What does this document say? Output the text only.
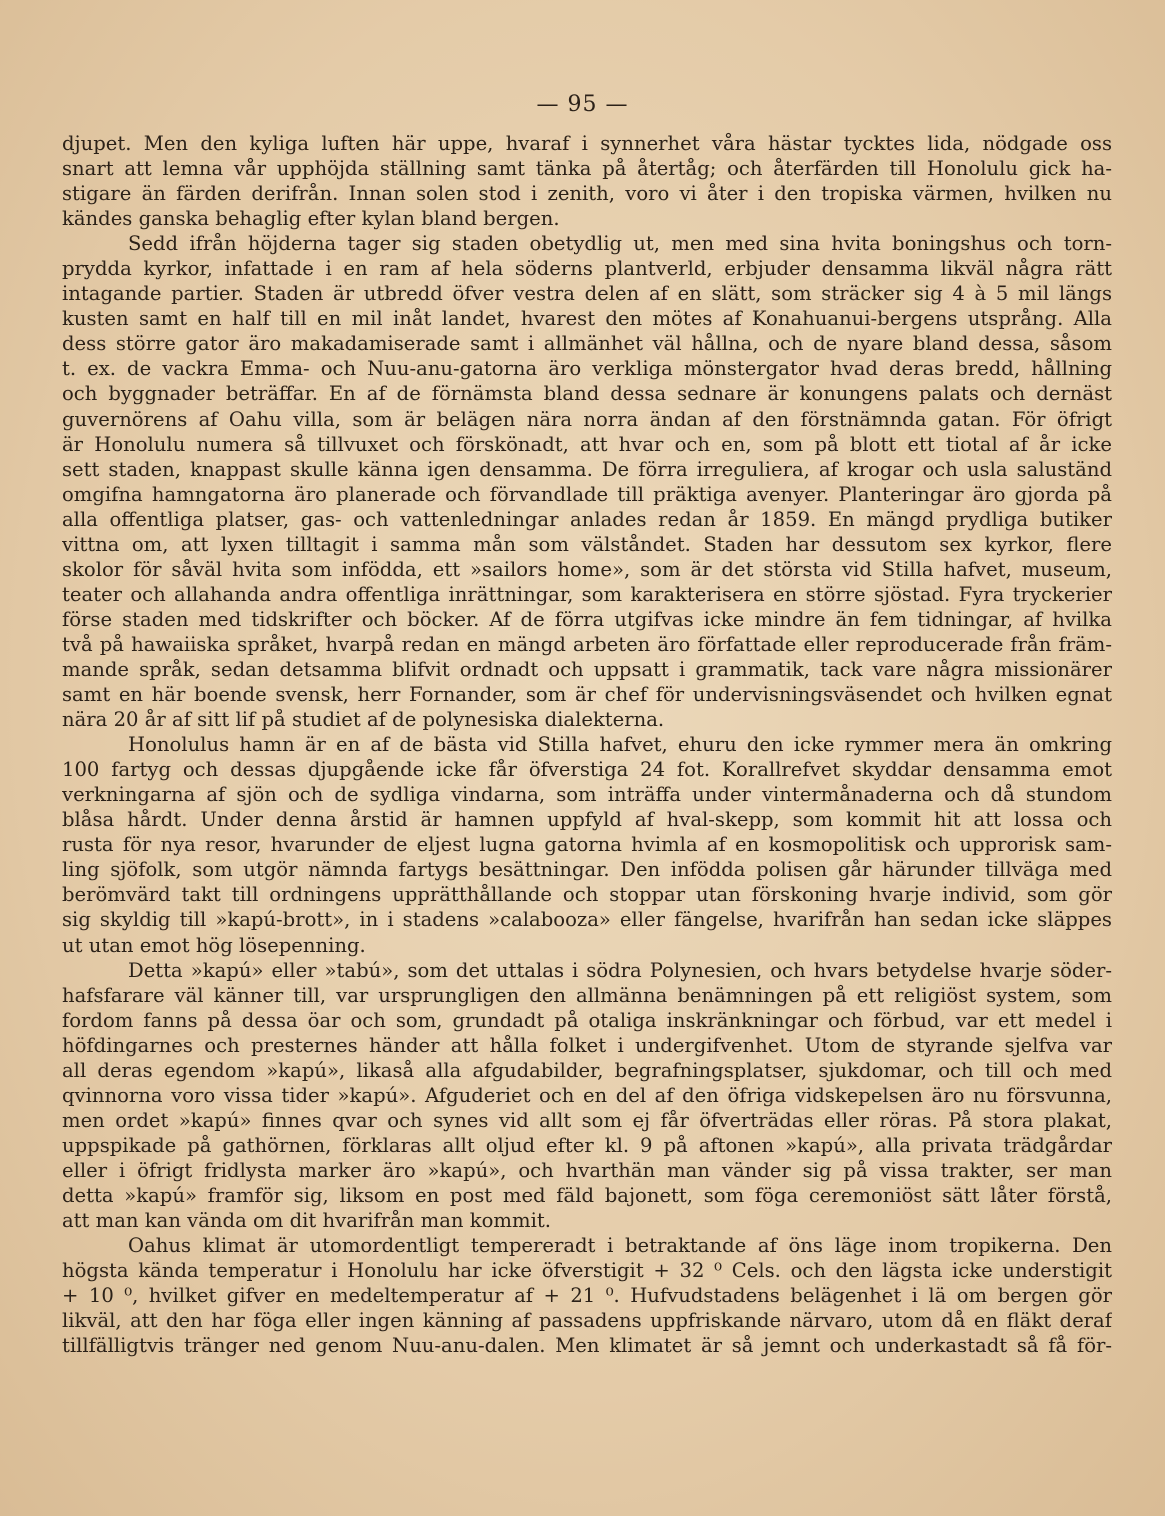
— 95 —
djupet. Men den kyliga luften här uppe, hvaraf i synnerhet våra hästar tycktes lida, nödgade oss
snart att lemna vår upphöjda ställning samt tänka på återtåg; och återfärden till Honolulu gick ha-
stigare än färden derifrån. Innan solen stod i zenith, voro vi åter i den tropiska värmen, hvilken nu
kändes ganska behaglig efter kylan bland bergen.
Sedd ifrån höjderna tager sig staden obetydlig ut, men med sina hvita boningshus och torn-
prydda kyrkor, infattade i en ram af hela söderns plantverld, erbjuder densamma likväl några rätt
intagande partier. Staden är utbredd öfver vestra delen af en slätt, som sträcker sig 4 à 5 mil längs
kusten samt en half till en mil inåt landet, hvarest den mötes af Konahuanui-bergens utsprång. Alla
dess större gator äro makadamiserade samt i allmänhet väl hållna, och de nyare bland dessa, såsom
t. ex. de vackra Emma- och Nuu-anu-gatorna äro verkliga mönstergator hvad deras bredd, hållning
och byggnader beträffar. En af de förnämsta bland dessa sednare är konungens palats och dernäst
guvernörens af Oahu villa, som är belägen nära norra ändan af den förstnämnda gatan. För öfrigt
är Honolulu numera så tillvuxet och förskönadt, att hvar och en, som på blott ett tiotal af år icke
sett staden, knappast skulle känna igen densamma. De förra irreguliera, af krogar och usla saluständ
omgifna hamngatorna äro planerade och förvandlade till präktiga avenyer. Planteringar äro gjorda på
alla offentliga platser, gas- och vattenledningar anlades redan år 1859. En mängd prydliga butiker
vittna om, att lyxen tilltagit i samma mån som välståndet. Staden har dessutom sex kyrkor, flere
skolor för såväl hvita som infödda, ett »sailors home», som är det största vid Stilla hafvet, museum,
teater och allahanda andra offentliga inrättningar, som karakterisera en större sjöstad. Fyra tryckerier
förse staden med tidskrifter och böcker. Af de förra utgifvas icke mindre än fem tidningar, af hvilka
två på hawaiiska språket, hvarpå redan en mängd arbeten äro författade eller reproducerade från främ-
mande språk, sedan detsamma blifvit ordnadt och uppsatt i grammatik, tack vare några missionärer
samt en här boende svensk, herr Fornander, som är chef för undervisningsväsendet och hvilken egnat
nära 20 år af sitt lif på studiet af de polynesiska dialekterna.
Honolulus hamn är en af de bästa vid Stilla hafvet, ehuru den icke rymmer mera än omkring
100 fartyg och dessas djupgående icke får öfverstiga 24 fot. Korallrefvet skyddar densamma emot
verkningarna af sjön och de sydliga vindarna, som inträffa under vintermånaderna och då stundom
blåsa hårdt. Under denna årstid är hamnen uppfyld af hval-skepp, som kommit hit att lossa och
rusta för nya resor, hvarunder de eljest lugna gatorna hvimla af en kosmopolitisk och upprorisk sam-
ling sjöfolk, som utgör nämnda fartygs besättningar. Den infödda polisen går härunder tillväga med
berömvärd takt till ordningens upprätthållande och stoppar utan förskoning hvarje individ, som gör
sig skyldig till »kapú-brott», in i stadens »calabooza» eller fängelse, hvarifrån han sedan icke släppes
ut utan emot hög lösepenning.
Detta »kapú» eller »tabú», som det uttalas i södra Polynesien, och hvars betydelse hvarje söder-
hafsfarare väl känner till, var ursprungligen den allmänna benämningen på ett religiöst system, som
fordom fanns på dessa öar och som, grundadt på otaliga inskränkningar och förbud, var ett medel i
höfdingarnes och presternes händer att hålla folket i undergifvenhet. Utom de styrande sjelfva var
all deras egendom »kapú», likaså alla afgudabilder, begrafningsplatser, sjukdomar, och till och med
qvinnorna voro vissa tider »kapú». Afguderiet och en del af den öfriga vidskepelsen äro nu försvunna,
men ordet »kapú» finnes qvar och synes vid allt som ej får öfverträdas eller röras. På stora plakat,
uppspikade på gathörnen, förklaras allt oljud efter kl. 9 på aftonen »kapú», alla privata trädgårdar
eller i öfrigt fridlysta marker äro »kapú», och hvarthän man vänder sig på vissa trakter, ser man
detta »kapú» framför sig, liksom en post med fäld bajonett, som föga ceremoniöst sätt låter förstå,
att man kan vända om dit hvarifrån man kommit.
Oahus klimat är utomordentligt tempereradt i betraktande af öns läge inom tropikerna. Den
högsta kända temperatur i Honolulu har icke öfverstigit + 32 ⁰ Cels. och den lägsta icke understigit
+ 10 ⁰, hvilket gifver en medeltemperatur af + 21 ⁰. Hufvudstadens belägenhet i lä om bergen gör
likväl, att den har föga eller ingen känning af passadens uppfriskande närvaro, utom då en fläkt deraf
tillfälligtvis tränger ned genom Nuu-anu-dalen. Men klimatet är så jemnt och underkastadt så få för-
